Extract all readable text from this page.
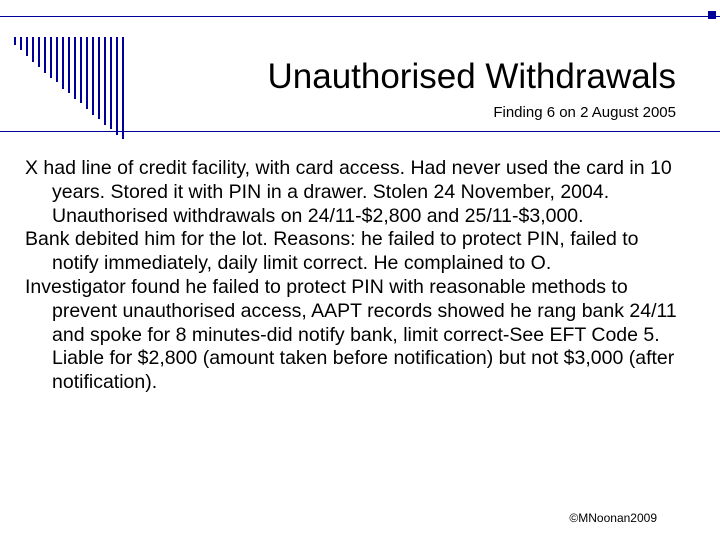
Unauthorised Withdrawals
Finding 6 on 2 August 2005

X had line of credit facility, with card access. Had never used the card in 10 years. Stored it with PIN in a drawer. Stolen 24 November, 2004. Unauthorised withdrawals on 24/11-$2,800 and 25/11-$3,000.

Bank debited him for the lot. Reasons: he failed to protect PIN, failed to notify immediately, daily limit correct. He complained to O.

Investigator found he failed to protect PIN with reasonable methods to prevent unauthorised access, AAPT records showed he rang bank 24/11 and spoke for 8 minutes-did notify bank, limit correct-See EFT Code 5. Liable for $2,800 (amount taken before notification) but not $3,000 (after notification).

©MNoonan2009
